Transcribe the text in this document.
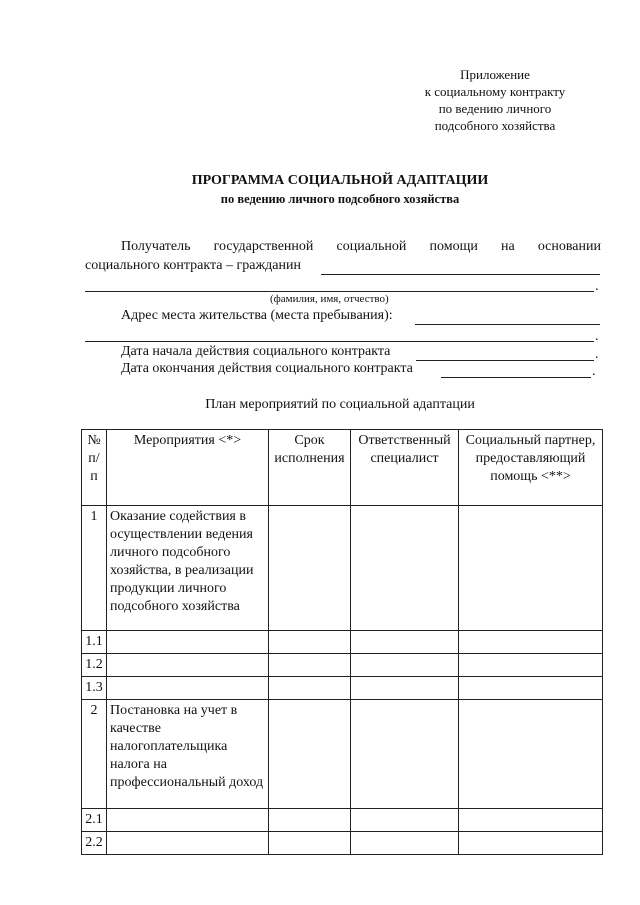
Приложение
к социальному контракту
по ведению личного
подсобного хозяйства
ПРОГРАММА СОЦИАЛЬНОЙ АДАПТАЦИИ
по ведению личного подсобного хозяйства
Получатель государственной социальной помощи на основании
социального контракта – гражданин
.
(фамилия, имя, отчество)
Адрес места жительства (места пребывания):
.
Дата начала действия социального контракта	.
Дата окончания действия социального контракта	.
План мероприятий по социальной адаптации
№ п/п	Мероприятия <*>	Срок исполнения	Ответственный специалист	Социальный партнер, предоставляющий помощь <**>
1	Оказание содействия в осуществлении ведения личного подсобного хозяйства, в реализации продукции личного подсобного хозяйства			
1.1				
1.2				
1.3				
2	Постановка на учет в качестве налогоплательщика налога на профессиональный доход			
2.1				
2.2				
